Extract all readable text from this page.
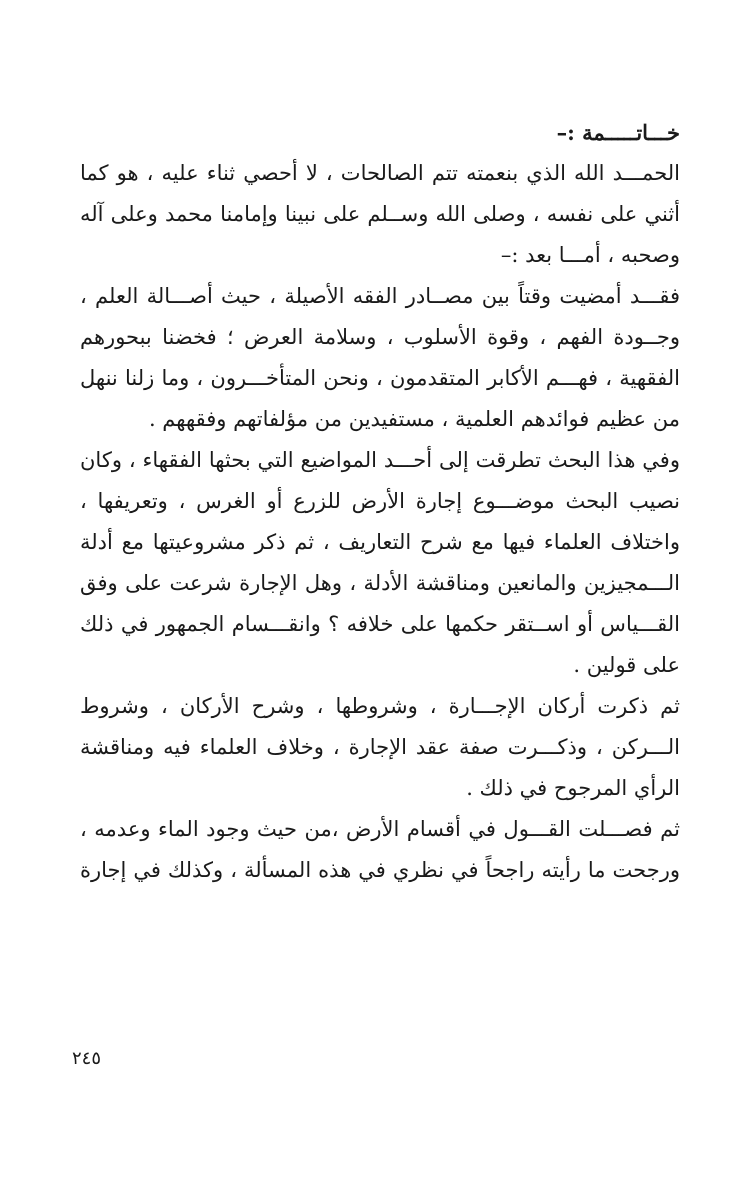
خـــاتـــــمة :–
الحمـــد الله الذي بنعمته تتم الصالحات ، لا أحصي ثناء عليه ، هو كما
أثني على نفسه ، وصلى الله وســلم على نبينا وإمامنا محمد وعلى آله
وصحبه ، أمـــا بعد :–
فقـــد أمضيت وقتاً بين مصــادر الفقه الأصيلة ، حيث أصـــالة العلم ،
وجــودة الفهم ، وقوة الأسلوب ، وسلامة العرض ؛ فخضنا ببحورهم
الفقهية ، فهـــم الأكابر المتقدمون ، ونحن المتأخـــرون ، وما زلنا ننهل
من عظيم فوائدهم العلمية ، مستفيدين من مؤلفاتهم وفقههم .
وفي هذا البحث تطرقت إلى أحـــد المواضيع التي بحثها الفقهاء ، وكان
نصيب البحث موضـــوع إجارة الأرض للزرع أو الغرس ، وتعريفها ،
واختلاف العلماء فيها مع شرح التعاريف ، ثم ذكر مشروعيتها مع أدلة
الـــمجيزين والمانعين ومناقشة الأدلة ، وهل الإجارة شرعت على وفق
القـــياس أو اســتقر حكمها على خلافه ؟ وانقـــسام الجمهور في ذلك
على قولين .
ثم ذكرت أركان الإجـــارة ، وشروطها ، وشرح الأركان ، وشروط
الـــركن ، وذكـــرت صفة عقد الإجارة ، وخلاف العلماء فيه ومناقشة
الرأي المرجوح في ذلك .
ثم فصـــلت القـــول في أقسام الأرض ،من حيث وجود الماء وعدمه ،
ورجحت ما رأيته راجحاً في نظري في هذه المسألة ، وكذلك في إجارة
٢٤٥
